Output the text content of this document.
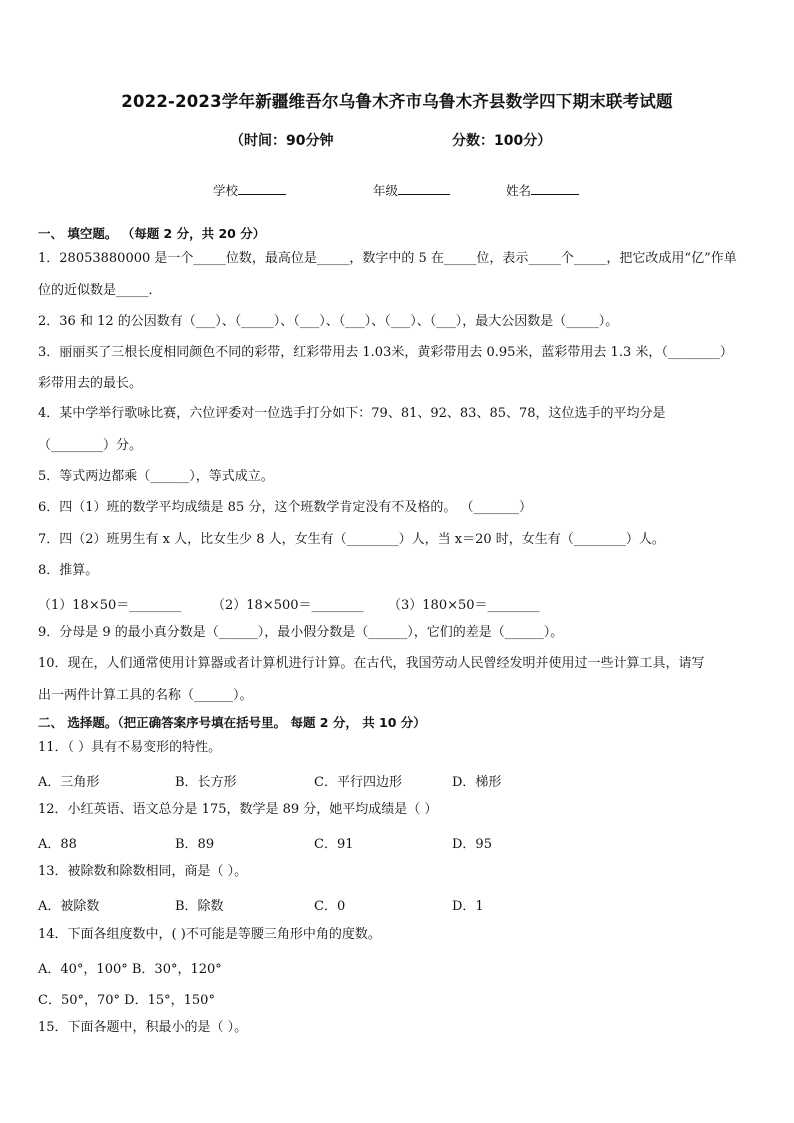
2022-2023学年新疆维吾尔乌鲁木齐市乌鲁木齐县数学四下期末联考试题
（时间：90分钟	分数：100分）
学校	年级	姓名
一、 填空题。 （每题 2 分，共 20 分）
1．28053880000 是一个_____位数，最高位是_____，数字中的 5 在_____位，表示_____个_____，把它改成用“亿”作单
位的近似数是_____．
2．36 和 12 的公因数有（___）、（_____）、（___）、（___）、（___）、（___），最大公因数是（_____）。
3．丽丽买了三根长度相同颜色不同的彩带，红彩带用去 1.03米，黄彩带用去 0.95米，蓝彩带用去 1.3 米，（________）
彩带用去的最长。
4．某中学举行歌咏比赛，六位评委对一位选手打分如下：79、81、92、83、85、78，这位选手的平均分是
（________）分。
5．等式两边都乘（______），等式成立。
6．四（1）班的数学平均成绩是 85 分，这个班数学肯定没有不及格的。 （_______）
7．四（2）班男生有 x 人，比女生少 8 人，女生有（________）人，当 x＝20 时，女生有（________）人。
8．推算。
（1）18×50＝________ （2）18×500＝________ （3）180×50＝________
9．分母是 9 的最小真分数是（______），最小假分数是（______），它们的差是（______）。
10．现在，人们通常使用计算器或者计算机进行计算。在古代，我国劳动人民曾经发明并使用过一些计算工具，请写
出一两件计算工具的名称（______）。
二、 选择题。（把正确答案序号填在括号里。 每题 2 分， 共 10 分）
11．（ ）具有不易变形的特性。
A．三角形	B．长方形	C．平行四边形	D．梯形
12．小红英语、语文总分是 175，数学是 89 分，她平均成绩是（ ）
A．88	B．89	C．91	D．95
13．被除数和除数相同，商是（ ）。
A．被除数	B．除数	C．0	D．1
14．下面各组度数中，( )不可能是等腰三角形中角的度数。
A．40°，100° B．30°，120°
C．50°，70° D．15°，150°
15．下面各题中，积最小的是（ ）。
